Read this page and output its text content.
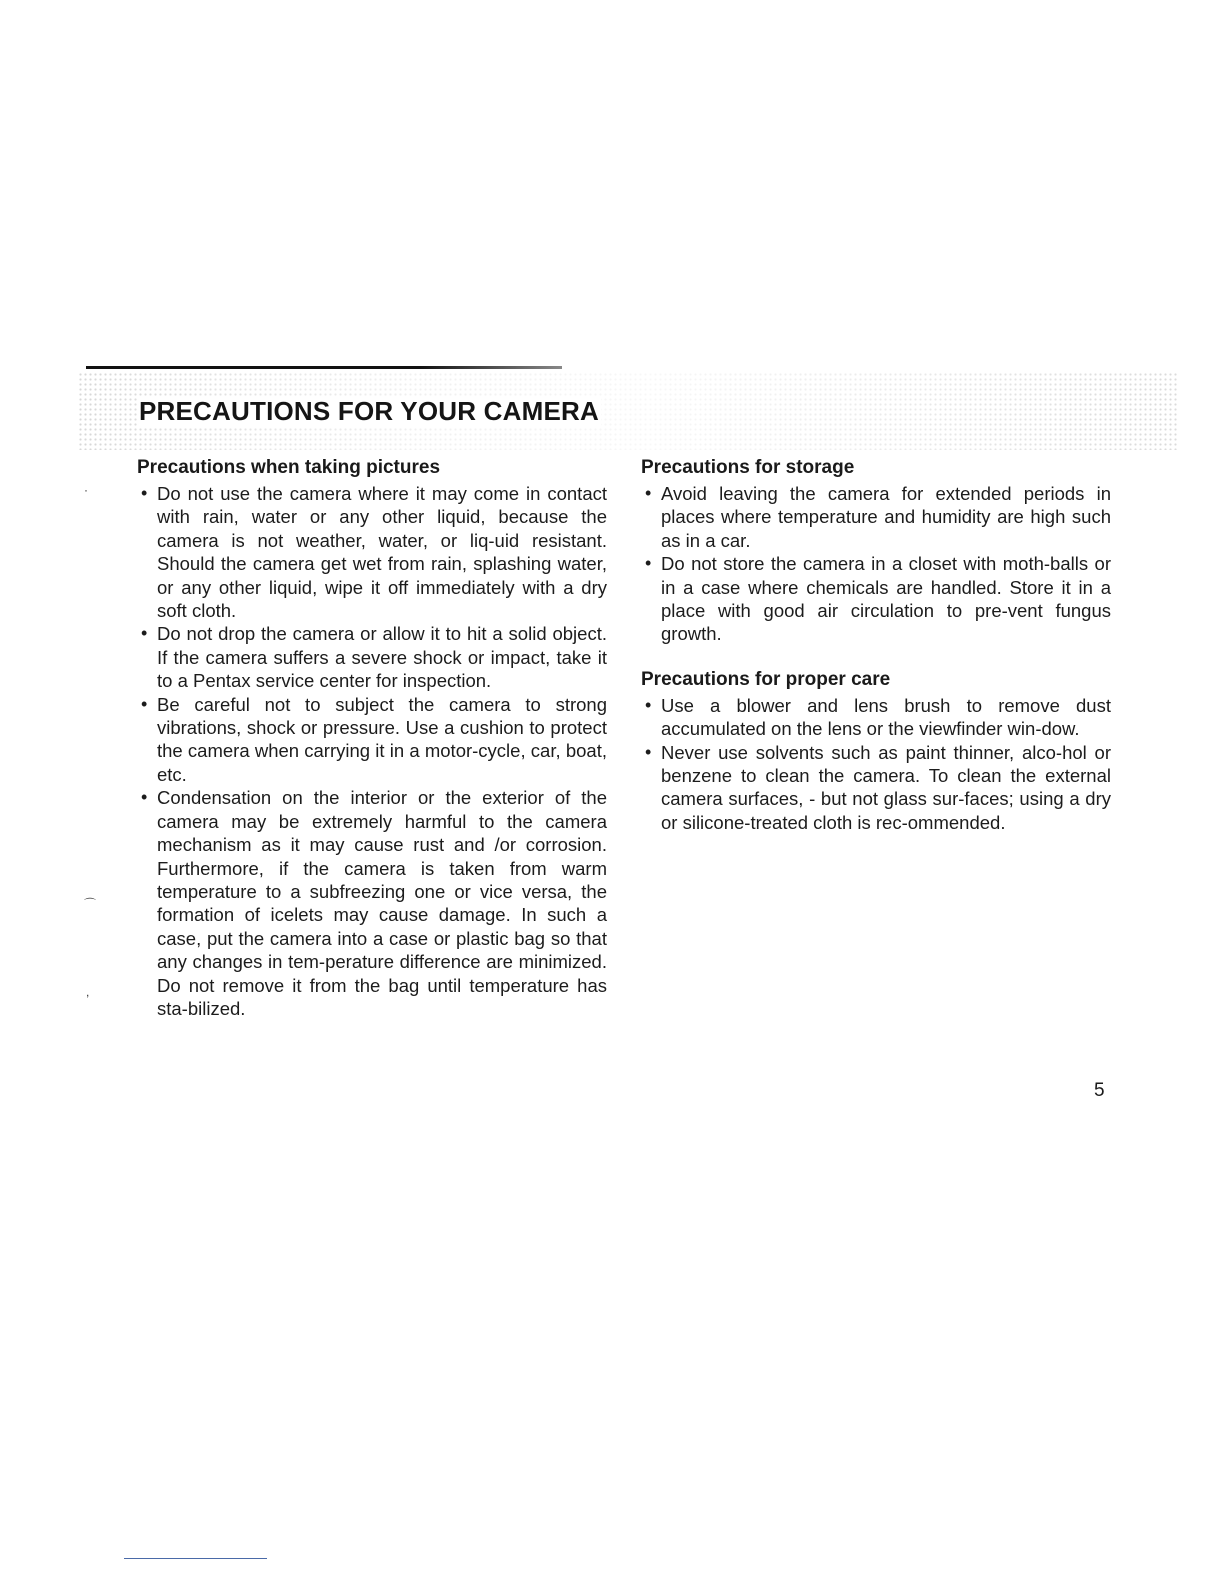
PRECAUTIONS FOR YOUR CAMERA
Precautions when taking pictures
• Do not use the camera where it may come in contact with rain, water or any other liquid, because the camera is not weather, water, or liq-uid resistant. Should the camera get wet from rain, splashing water, or any other liquid, wipe it off immediately with a dry soft cloth.
• Do not drop the camera or allow it to hit a solid object. If the camera suffers a severe shock or impact, take it to a Pentax service center for inspection.
• Be careful not to subject the camera to strong vibrations, shock or pressure. Use a cushion to protect the camera when carrying it in a motor-cycle, car, boat, etc.
• Condensation on the interior or the exterior of the camera may be extremely harmful to the camera mechanism as it may cause rust and /or corrosion. Furthermore, if the camera is taken from warm temperature to a subfreezing one or vice versa, the formation of icelets may cause damage. In such a case, put the camera into a case or plastic bag so that any changes in tem-perature difference are minimized. Do not remove it from the bag until temperature has sta-bilized.
Precautions for storage
• Avoid leaving the camera for extended periods in places where temperature and humidity are high such as in a car.
• Do not store the camera in a closet with moth-balls or in a case where chemicals are handled. Store it in a place with good air circulation to pre-vent fungus growth.
Precautions for proper care
• Use a blower and lens brush to remove dust accumulated on the lens or the viewfinder win-dow.
• Never use solvents such as paint thinner, alco-hol or benzene to clean the camera. To clean the external camera surfaces, - but not glass sur-faces; using a dry or silicone-treated cloth is rec-ommended.
5
·
⌒
,
